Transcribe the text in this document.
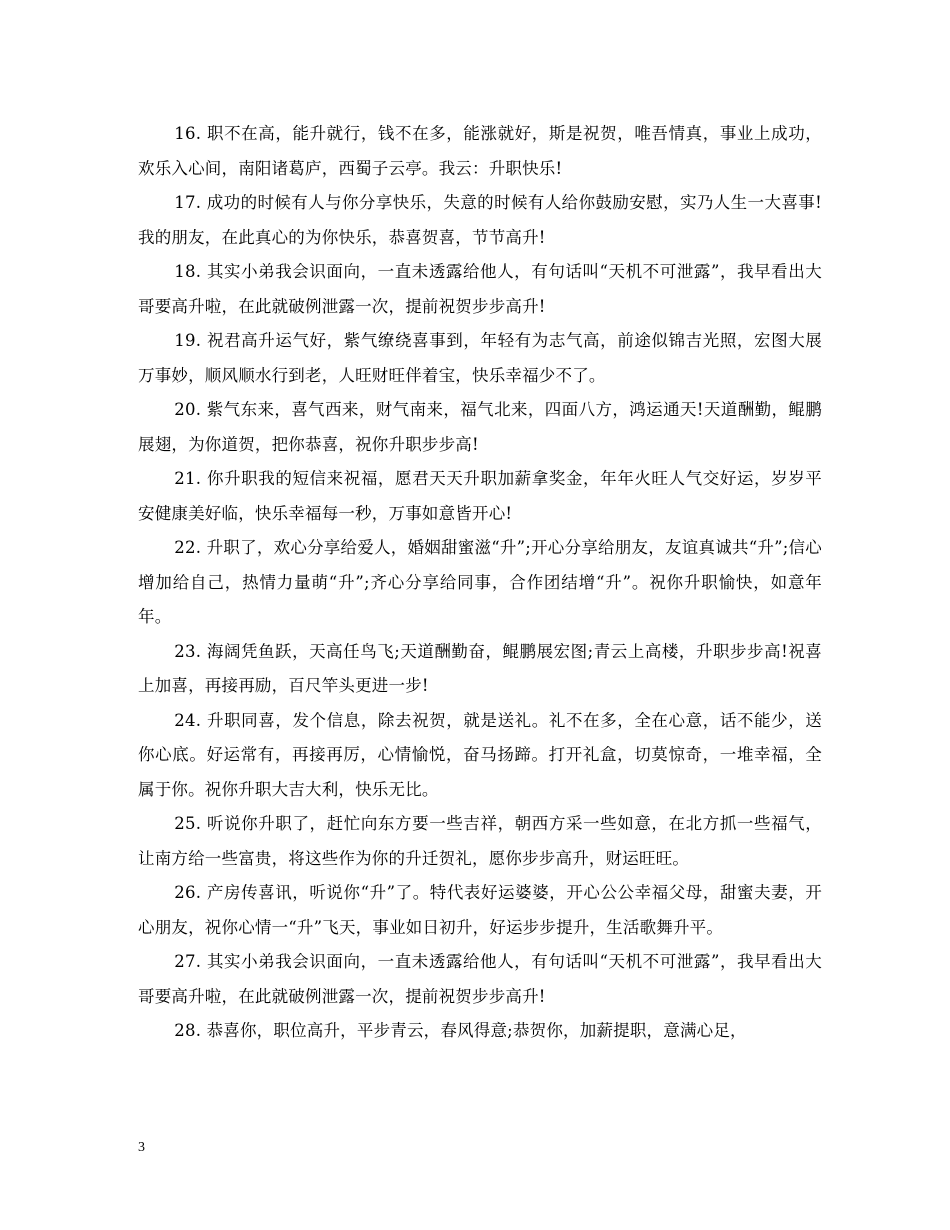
16. 职不在高，能升就行，钱不在多，能涨就好，斯是祝贺，唯吾情真，事业上成功，欢乐入心间，南阳诸葛庐，西蜀子云亭。我云：升职快乐!

17. 成功的时候有人与你分享快乐，失意的时候有人给你鼓励安慰，实乃人生一大喜事!我的朋友，在此真心的为你快乐，恭喜贺喜，节节高升!

18. 其实小弟我会识面向，一直未透露给他人，有句话叫“天机不可泄露”，我早看出大哥要高升啦，在此就破例泄露一次，提前祝贺步步高升!

19. 祝君高升运气好，紫气缭绕喜事到，年轻有为志气高，前途似锦吉光照，宏图大展万事妙，顺风顺水行到老，人旺财旺伴着宝，快乐幸福少不了。

20. 紫气东来，喜气西来，财气南来，福气北来，四面八方，鸿运通天!天道酬勤，鲲鹏展翅，为你道贺，把你恭喜，祝你升职步步高!

21. 你升职我的短信来祝福，愿君天天升职加薪拿奖金，年年火旺人气交好运，岁岁平安健康美好临，快乐幸福每一秒，万事如意皆开心!

22. 升职了，欢心分享给爱人，婚姻甜蜜滋“升”;开心分享给朋友，友谊真诚共“升”;信心增加给自己，热情力量萌“升”;齐心分享给同事，合作团结增“升”。祝你升职愉快，如意年年。

23. 海阔凭鱼跃，天高任鸟飞;天道酬勤奋，鲲鹏展宏图;青云上高楼，升职步步高!祝喜上加喜，再接再励，百尺竿头更进一步!

24. 升职同喜，发个信息，除去祝贺，就是送礼。礼不在多，全在心意，话不能少，送你心底。好运常有，再接再厉，心情愉悦，奋马扬蹄。打开礼盒，切莫惊奇，一堆幸福，全属于你。祝你升职大吉大利，快乐无比。

25. 听说你升职了，赶忙向东方要一些吉祥，朝西方采一些如意，在北方抓一些福气，让南方给一些富贵，将这些作为你的升迁贺礼，愿你步步高升，财运旺旺。

26. 产房传喜讯，听说你“升”了。特代表好运婆婆，开心公公幸福父母，甜蜜夫妻，开心朋友，祝你心情一“升”飞天，事业如日初升，好运步步提升，生活歌舞升平。

27. 其实小弟我会识面向，一直未透露给他人，有句话叫“天机不可泄露”，我早看出大哥要高升啦，在此就破例泄露一次，提前祝贺步步高升!

28. 恭喜你，职位高升，平步青云，春风得意;恭贺你，加薪提职，意满心足，

3
